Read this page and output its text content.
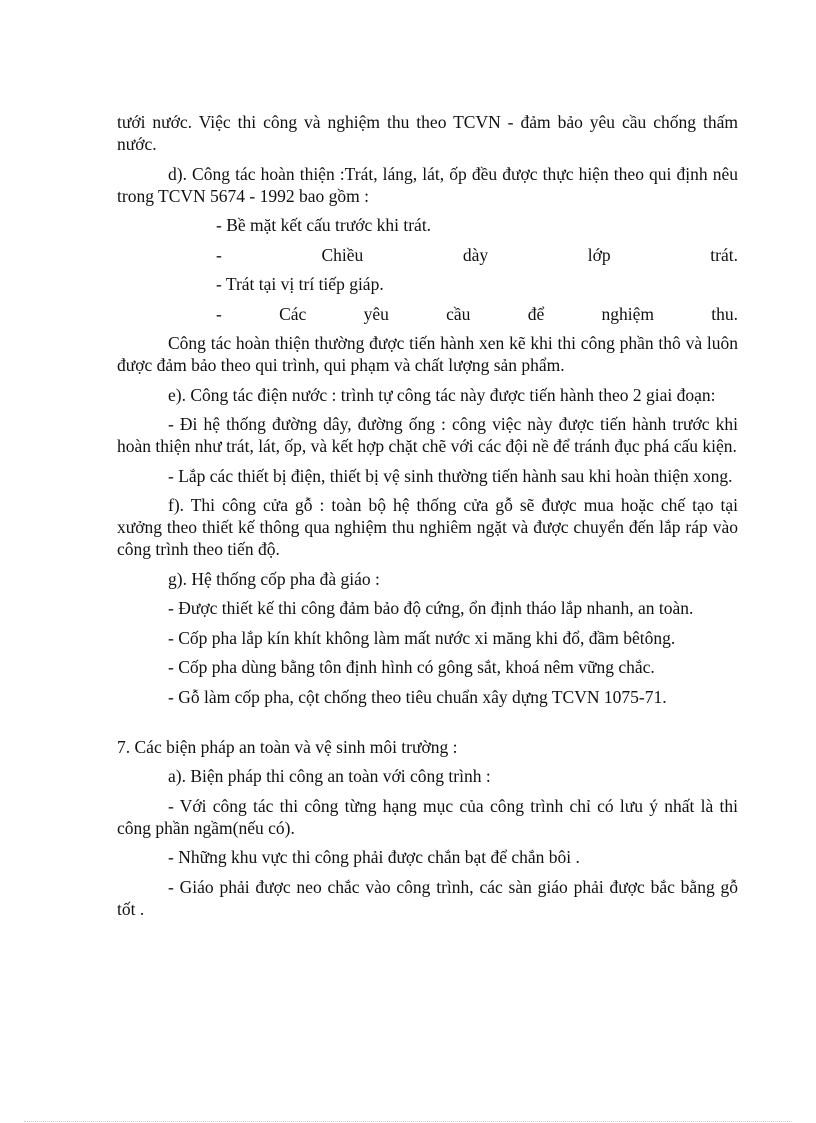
tưới nước. Việc thi công và nghiệm thu theo TCVN - đảm bảo yêu cầu chống thấm nước.

d). Công tác hoàn thiện :Trát, láng, lát, ốp đều được thực hiện theo qui định nêu trong TCVN 5674 - 1992 bao gồm :

- Bề mặt kết cấu trước khi trát.

-	Chiều	dày	lớp	trát.

- Trát tại vị trí tiếp giáp.

-	Các	yêu	cầu	để	nghiệm	thu.

Công tác hoàn thiện thường được tiến hành xen kẽ khi thi công phần thô và luôn được đảm bảo theo qui trình, qui phạm và chất lượng sản phẩm.

e). Công tác điện nước : trình tự công tác này được tiến hành theo 2 giai đoạn:

- Đi hệ thống đường dây, đường ống : công việc này được tiến hành trước khi hoàn thiện như trát, lát, ốp, và kết hợp chặt chẽ với các đội nề để tránh đục phá cấu kiện.

- Lắp các thiết bị điện, thiết bị vệ sinh thường tiến hành sau khi hoàn thiện xong.

f). Thi công cửa gỗ : toàn bộ hệ thống cửa gỗ sẽ được mua hoặc chế tạo tại xưởng theo thiết kế thông qua nghiệm thu nghiêm ngặt và được chuyển đến lắp ráp vào công trình theo tiến độ.

g). Hệ thống cốp pha đà giáo :

- Được thiết kế thi công đảm bảo độ cứng, ổn định tháo lắp nhanh, an toàn.

- Cốp pha lắp kín khít không làm mất nước xi măng khi đổ, đầm bêtông.

- Cốp pha dùng bằng tôn định hình có gông sắt, khoá nêm vững chắc.

- Gỗ làm cốp pha, cột chống theo tiêu chuẩn xây dựng TCVN 1075-71.

7. Các biện pháp an toàn và vệ sinh môi trường :

a). Biện pháp thi công an toàn với công trình :

- Với công tác thi công từng hạng mục của công trình chỉ có lưu ý nhất là thi công phần ngầm(nếu có).

- Những khu vực thi công phải được chắn bạt để chắn bôi .

- Giáo phải được neo chắc vào công trình, các sàn giáo phải được bắc bằng gỗ tốt .
